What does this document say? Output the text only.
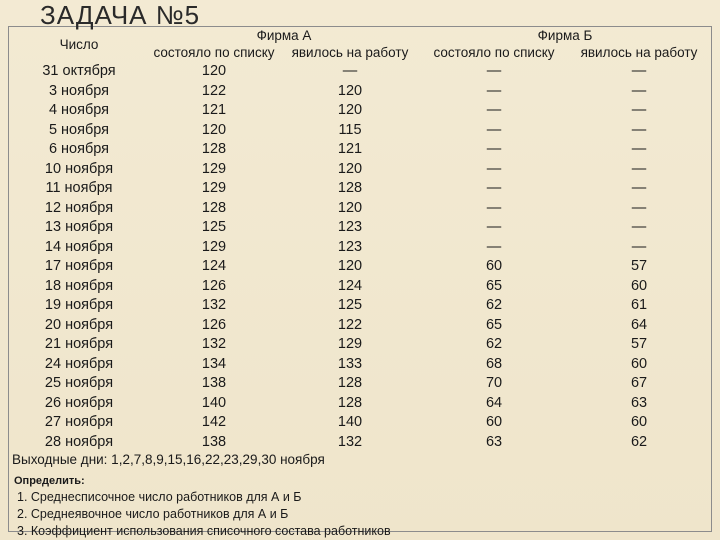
ЗАДАЧА №5
Число	Фирма А		Фирма Б	
	состояло по списку	явилось на работу	состояло по списку	явилось на работу
31 октября	120	—	—	—
3 ноября	122	120	—	—
4 ноября	121	120	—	—
5 ноября	120	115	—	—
6 ноября	128	121	—	—
10 ноября	129	120	—	—
11 ноября	129	128	—	—
12 ноября	128	120	—	—
13 ноября	125	123	—	—
14 ноября	129	123	—	—
17 ноября	124	120	60	57
18 ноября	126	124	65	60
19 ноября	132	125	62	61
20 ноября	126	122	65	64
21 ноября	132	129	62	57
24 ноября	134	133	68	60
25 ноября	138	128	70	67
26 ноября	140	128	64	63
27 ноября	142	140	60	60
28 ноября	138	132	63	62

Выходные дни: 1,2,7,8,9,15,16,22,23,29,30 ноября

Определить:

1. Среднесписочное число работников для А и Б
2. Среднеявочное число работников для А и Б
3. Коэффициент использования списочного состава работников
